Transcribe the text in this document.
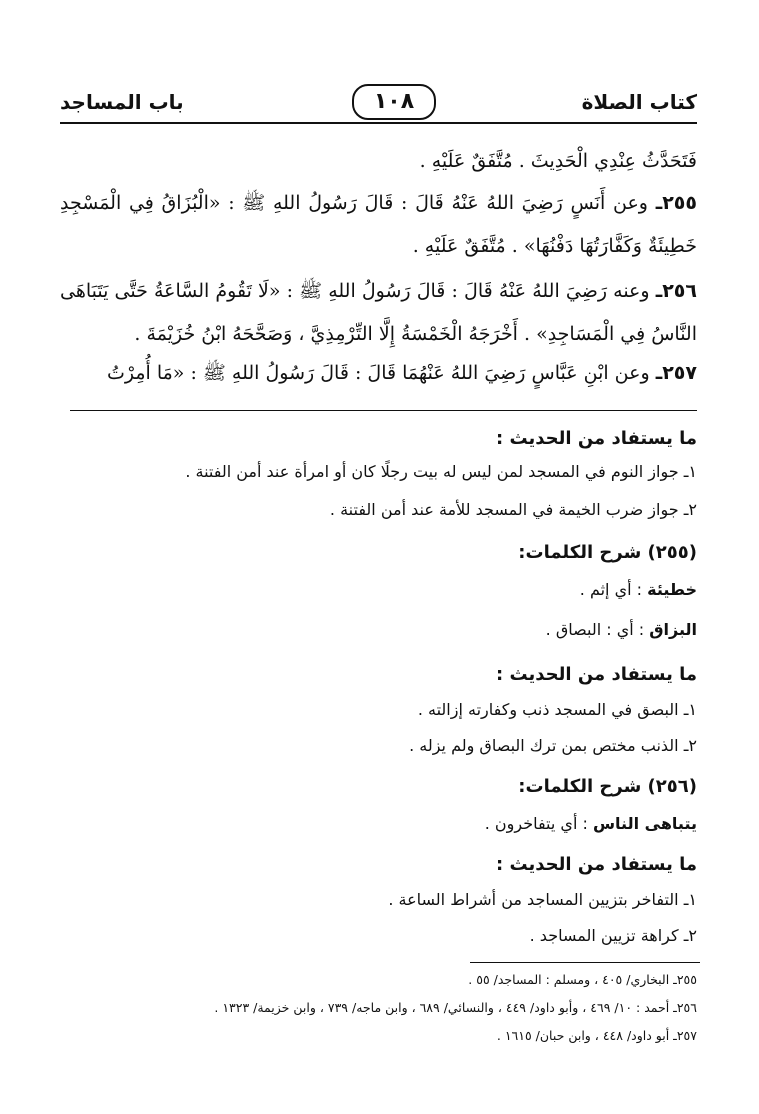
كتاب الصلاة
١٠٨
باب المساجد
فَتَحَدَّثُ عِنْدِي الْحَدِيثَ . مُتَّفَقٌ عَلَيْهِ .
٢٥٥ـ وعن أَنَسٍ رَضِيَ اللهُ عَنْهُ قَالَ : قَالَ رَسُولُ اللهِ ﷺ : «الْبُزَاقُ فِي الْمَسْجِدِ خَطِيئَةٌ وَكَفَّارَتُهَا دَفْنُهَا» . مُتَّفَقٌ عَلَيْهِ .
٢٥٦ـ وعنه رَضِيَ اللهُ عَنْهُ قَالَ : قَالَ رَسُولُ اللهِ ﷺ : «لَا تَقُومُ السَّاعَةُ حَتَّى يَتَبَاهَى النَّاسُ فِي الْمَسَاجِدِ» . أَخْرَجَهُ الْخَمْسَةُ إِلَّا التِّرْمِذِيَّ ، وَصَحَّحَهُ ابْنُ خُزَيْمَةَ .
٢٥٧ـ وعن ابْنِ عَبَّاسٍ رَضِيَ اللهُ عَنْهُمَا قَالَ : قَالَ رَسُولُ اللهِ ﷺ : «مَا أُمِرْتُ
ما يستفاد من الحديث :
١ـ جواز النوم في المسجد لمن ليس له بيت رجلًا كان أو امرأة عند أمن الفتنة .
٢ـ جواز ضرب الخيمة في المسجد للأمة عند أمن الفتنة .
(٢٥٥) شرح الكلمات:
خطيئة : أي إثم .
البزاق : أي : البصاق .
ما يستفاد من الحديث :
١ـ البصق في المسجد ذنب وكفارته إزالته .
٢ـ الذنب مختص بمن ترك البصاق ولم يزله .
(٢٥٦) شرح الكلمات:
يتباهى الناس : أي يتفاخرون .
ما يستفاد من الحديث :
١ـ التفاخر بتزيين المساجد من أشراط الساعة .
٢ـ كراهة تزيين المساجد .
٢٥٥ـ البخاري/ ٤٠٥ ، ومسلم : المساجد/ ٥٥ .
٢٥٦ـ أحمد : ١٠/ ٤٦٩ ، وأبو داود/ ٤٤٩ ، والنسائي/ ٦٨٩ ، وابن ماجه/ ٧٣٩ ، وابن خزيمة/ ١٣٢٣ .
٢٥٧ـ أبو داود/ ٤٤٨ ، وابن حبان/ ١٦١٥ .
